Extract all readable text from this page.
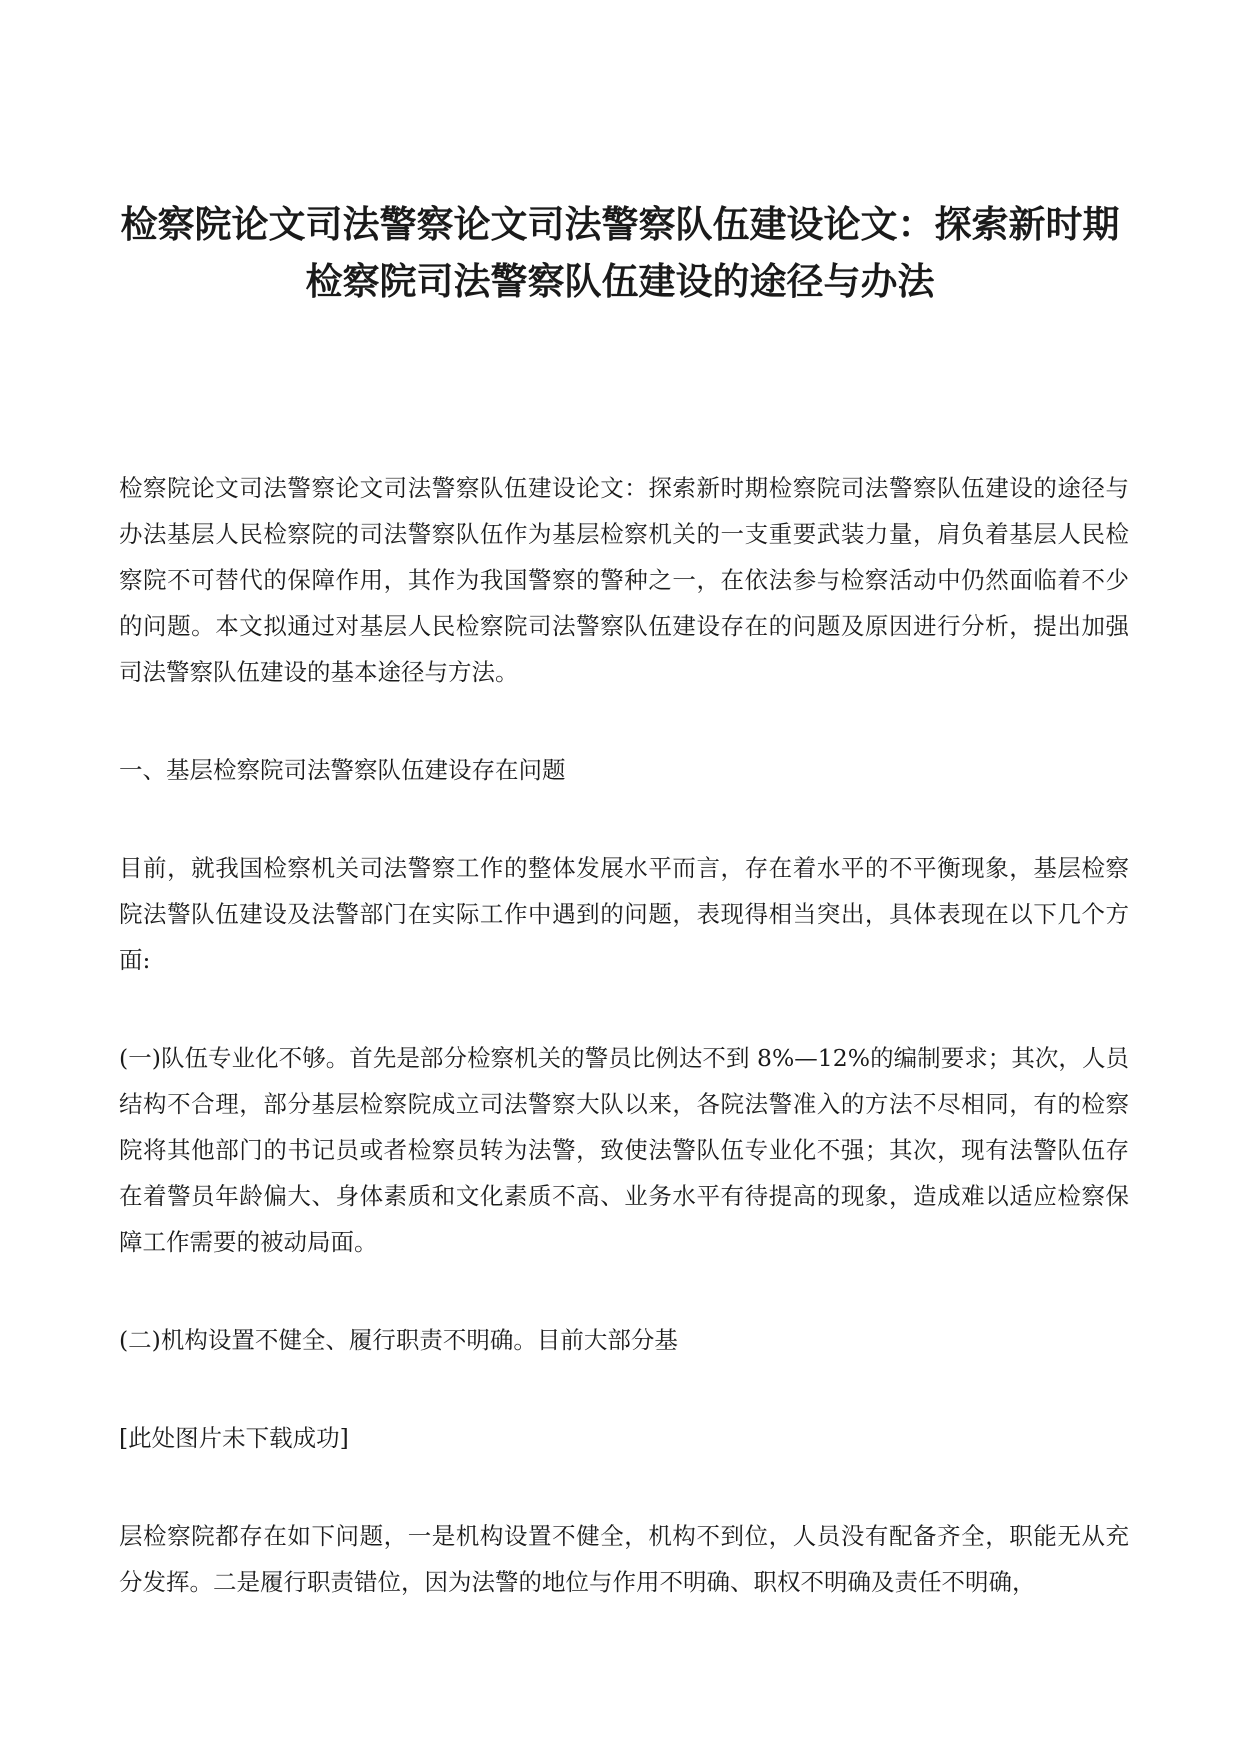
检察院论文司法警察论文司法警察队伍建设论文：探索新时期
检察院司法警察队伍建设的途径与办法

检察院论文司法警察论文司法警察队伍建设论文：探索新时期检察院司法警察队伍建设的途径与办法基层人民检察院的司法警察队伍作为基层检察机关的一支重要武装力量，肩负着基层人民检察院不可替代的保障作用，其作为我国警察的警种之一，在依法参与检察活动中仍然面临着不少的问题。本文拟通过对基层人民检察院司法警察队伍建设存在的问题及原因进行分析，提出加强司法警察队伍建设的基本途径与方法。

一、基层检察院司法警察队伍建设存在问题

目前，就我国检察机关司法警察工作的整体发展水平而言，存在着水平的不平衡现象，基层检察院法警队伍建设及法警部门在实际工作中遇到的问题，表现得相当突出，具体表现在以下几个方面:

(一)队伍专业化不够。首先是部分检察机关的警员比例达不到 8%—12%的编制要求；其次，人员结构不合理，部分基层检察院成立司法警察大队以来，各院法警准入的方法不尽相同，有的检察院将其他部门的书记员或者检察员转为法警，致使法警队伍专业化不强；其次，现有法警队伍存在着警员年龄偏大、身体素质和文化素质不高、业务水平有待提高的现象，造成难以适应检察保障工作需要的被动局面。

(二)机构设置不健全、履行职责不明确。目前大部分基

[此处图片未下载成功]

层检察院都存在如下问题，一是机构设置不健全，机构不到位，人员没有配备齐全，职能无从充分发挥。二是履行职责错位，因为法警的地位与作用不明确、职权不明确及责任不明确，
